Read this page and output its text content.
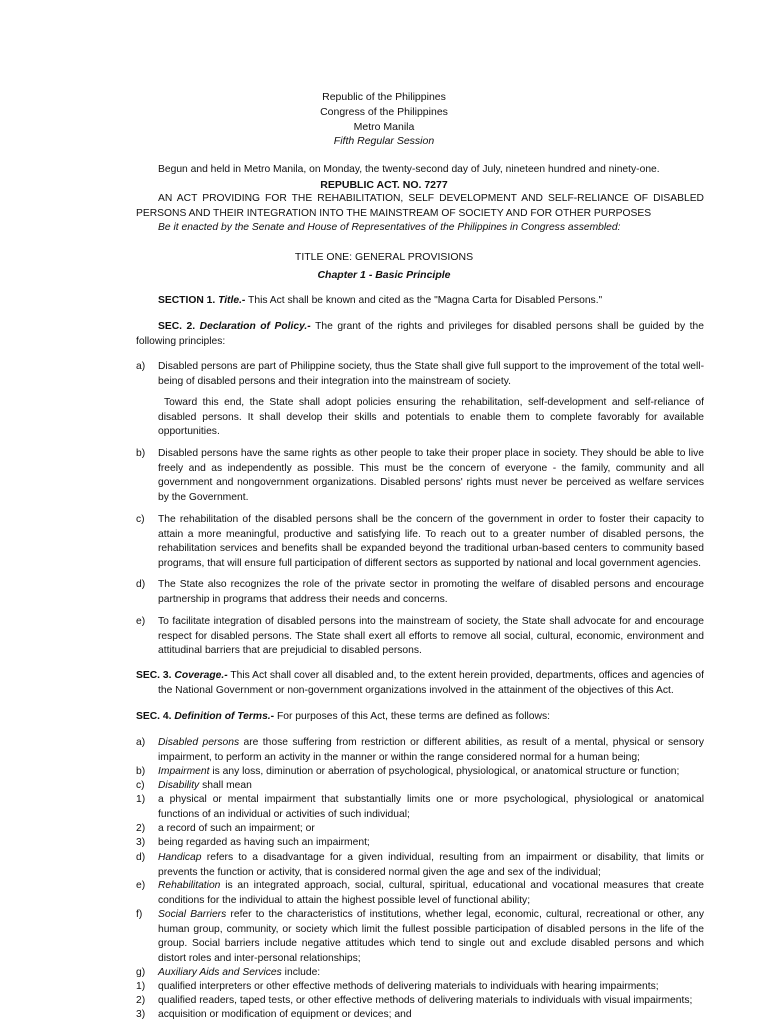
Republic of the Philippines
Congress of the Philippines
Metro Manila
Fifth Regular Session
Begun and held in Metro Manila, on Monday, the twenty-second day of July, nineteen hundred and ninety-one.
REPUBLIC ACT. NO. 7277
AN ACT PROVIDING FOR THE REHABILITATION, SELF DEVELOPMENT AND SELF-RELIANCE OF DISABLED PERSONS AND THEIR INTEGRATION INTO THE MAINSTREAM OF SOCIETY AND FOR OTHER PURPOSES
Be it enacted by the Senate and House of Representatives of the Philippines in Congress assembled:
TITLE ONE: GENERAL PROVISIONS
Chapter 1 - Basic Principle
SECTION 1. Title.- This Act shall be known and cited as the "Magna Carta for Disabled Persons."
SEC. 2. Declaration of Policy.- The grant of the rights and privileges for disabled persons shall be guided by the following principles:
a)	Disabled persons are part of Philippine society, thus the State shall give full support to the improvement of the total well-being of disabled persons and their integration into the mainstream of society.
Toward this end, the State shall adopt policies ensuring the rehabilitation, self-development and self-reliance of disabled persons. It shall develop their skills and potentials to enable them to complete favorably for available opportunities.
b)	Disabled persons have the same rights as other people to take their proper place in society. They should be able to live freely and as independently as possible. This must be the concern of everyone - the family, community and all government and nongovernment organizations. Disabled persons' rights must never be perceived as welfare services by the Government.
c)	The rehabilitation of the disabled persons shall be the concern of the government in order to foster their capacity to attain a more meaningful, productive and satisfying life. To reach out to a greater number of disabled persons, the rehabilitation services and benefits shall be expanded beyond the traditional urban-based centers to community based programs, that will ensure full participation of different sectors as supported by national and local government agencies.
d)	The State also recognizes the role of the private sector in promoting the welfare of disabled persons and encourage partnership in programs that address their needs and concerns.
e)	To facilitate integration of disabled persons into the mainstream of society, the State shall advocate for and encourage respect for disabled persons. The State shall exert all efforts to remove all social, cultural, economic, environment and attitudinal barriers that are prejudicial to disabled persons.
SEC. 3. Coverage.- This Act shall cover all disabled and, to the extent herein provided, departments, offices and agencies of the National Government or non-government organizations involved in the attainment of the objectives of this Act.
SEC. 4. Definition of Terms.- For purposes of this Act, these terms are defined as follows:
a)	Disabled persons are those suffering from restriction or different abilities, as result of a mental, physical or sensory impairment, to perform an activity in the manner or within the range considered normal for a human being;
b)	Impairment is any loss, diminution or aberration of psychological, physiological, or anatomical structure or function;
c)	Disability shall mean
1)	a physical or mental impairment that substantially limits one or more psychological, physiological or anatomical functions of an individual or activities of such individual;
2)	a record of such an impairment; or
3)	being regarded as having such an impairment;
d)	Handicap refers to a disadvantage for a given individual, resulting from an impairment or disability, that limits or prevents the function or activity, that is considered normal given the age and sex of the individual;
e)	Rehabilitation is an integrated approach, social, cultural, spiritual, educational and vocational measures that create conditions for the individual to attain the highest possible level of functional ability;
f)	Social Barriers refer to the characteristics of institutions, whether legal, economic, cultural, recreational or other, any human group, community, or society which limit the fullest possible participation of disabled persons in the life of the group. Social barriers include negative attitudes which tend to single out and exclude disabled persons and which distort roles and inter-personal relationships;
g)	Auxiliary Aids and Services include:
1)	qualified interpreters or other effective methods of delivering materials to individuals with hearing impairments;
2)	qualified readers, taped tests, or other effective methods of delivering materials to individuals with visual impairments;
3)	acquisition or modification of equipment or devices; and
